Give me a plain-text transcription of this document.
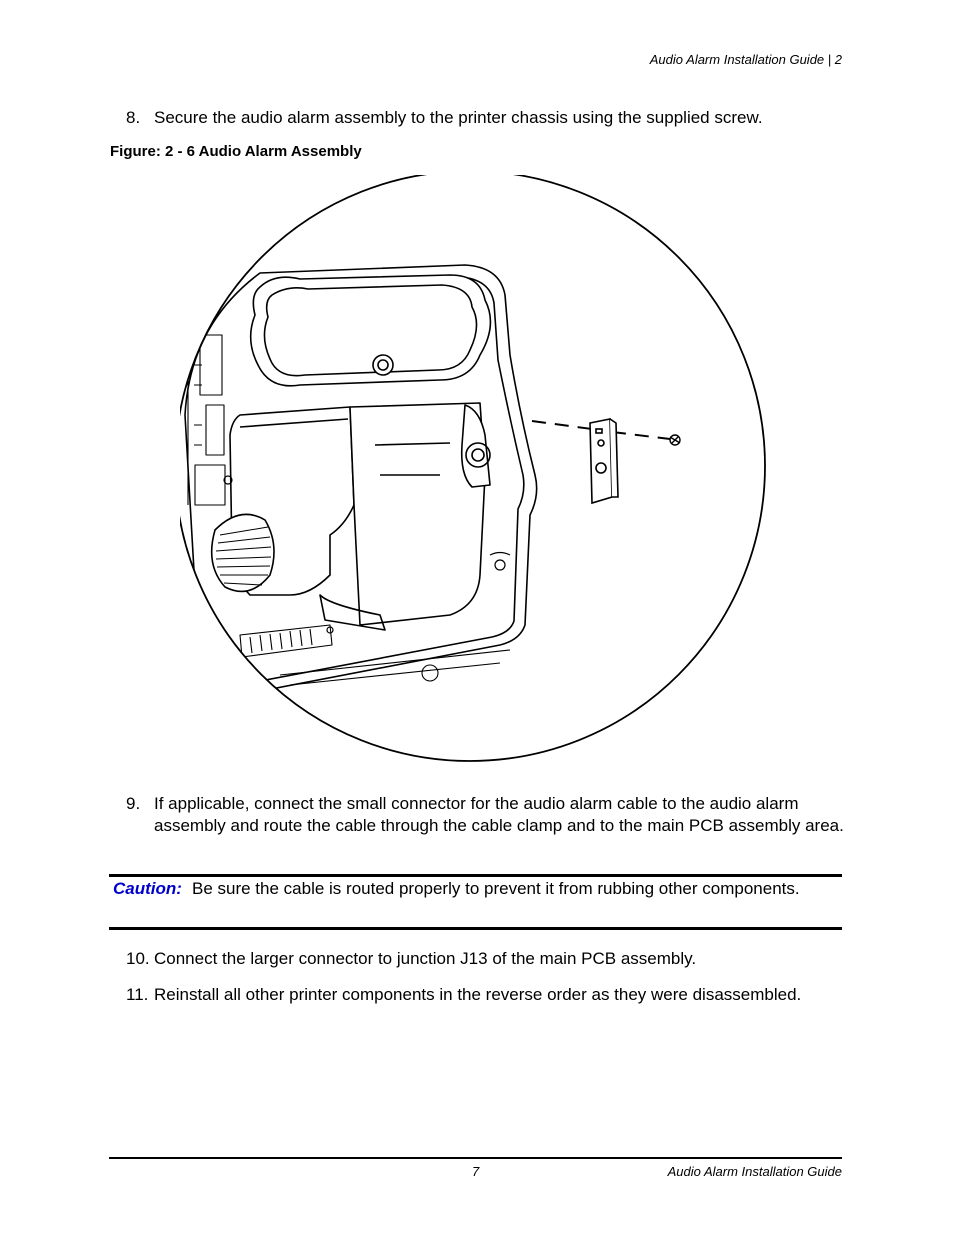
Audio Alarm Installation Guide | 2
8. Secure the audio alarm assembly to the printer chassis using the supplied screw.
Figure: 2 - 6 Audio Alarm Assembly
9. If applicable, connect the small connector for the audio alarm cable to the audio alarm assembly and route the cable through the cable clamp and to the main PCB assembly area.
Caution: Be sure the cable is routed properly to prevent it from rubbing other components.
10. Connect the larger connector to junction J13 of the main PCB assembly.
11. Reinstall all other printer components in the reverse order as they were disassembled.
7	Audio Alarm Installation Guide
